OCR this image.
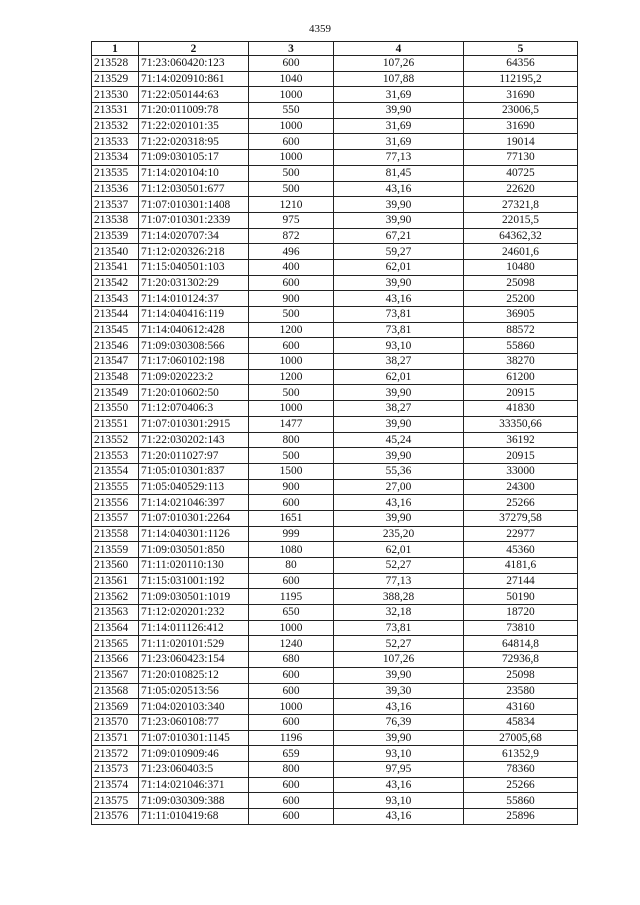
4359
1	2	3	4	5
213528	71:23:060420:123	600	107,26	64356
213529	71:14:020910:861	1040	107,88	112195,2
213530	71:22:050144:63	1000	31,69	31690
213531	71:20:011009:78	550	39,90	23006,5
213532	71:22:020101:35	1000	31,69	31690
213533	71:22:020318:95	600	31,69	19014
213534	71:09:030105:17	1000	77,13	77130
213535	71:14:020104:10	500	81,45	40725
213536	71:12:030501:677	500	43,16	22620
213537	71:07:010301:1408	1210	39,90	27321,8
213538	71:07:010301:2339	975	39,90	22015,5
213539	71:14:020707:34	872	67,21	64362,32
213540	71:12:020326:218	496	59,27	24601,6
213541	71:15:040501:103	400	62,01	10480
213542	71:20:031302:29	600	39,90	25098
213543	71:14:010124:37	900	43,16	25200
213544	71:14:040416:119	500	73,81	36905
213545	71:14:040612:428	1200	73,81	88572
213546	71:09:030308:566	600	93,10	55860
213547	71:17:060102:198	1000	38,27	38270
213548	71:09:020223:2	1200	62,01	61200
213549	71:20:010602:50	500	39,90	20915
213550	71:12:070406:3	1000	38,27	41830
213551	71:07:010301:2915	1477	39,90	33350,66
213552	71:22:030202:143	800	45,24	36192
213553	71:20:011027:97	500	39,90	20915
213554	71:05:010301:837	1500	55,36	33000
213555	71:05:040529:113	900	27,00	24300
213556	71:14:021046:397	600	43,16	25266
213557	71:07:010301:2264	1651	39,90	37279,58
213558	71:14:040301:1126	999	235,20	22977
213559	71:09:030501:850	1080	62,01	45360
213560	71:11:020110:130	80	52,27	4181,6
213561	71:15:031001:192	600	77,13	27144
213562	71:09:030501:1019	1195	388,28	50190
213563	71:12:020201:232	650	32,18	18720
213564	71:14:011126:412	1000	73,81	73810
213565	71:11:020101:529	1240	52,27	64814,8
213566	71:23:060423:154	680	107,26	72936,8
213567	71:20:010825:12	600	39,90	25098
213568	71:05:020513:56	600	39,30	23580
213569	71:04:020103:340	1000	43,16	43160
213570	71:23:060108:77	600	76,39	45834
213571	71:07:010301:1145	1196	39,90	27005,68
213572	71:09:010909:46	659	93,10	61352,9
213573	71:23:060403:5	800	97,95	78360
213574	71:14:021046:371	600	43,16	25266
213575	71:09:030309:388	600	93,10	55860
213576	71:11:010419:68	600	43,16	25896
